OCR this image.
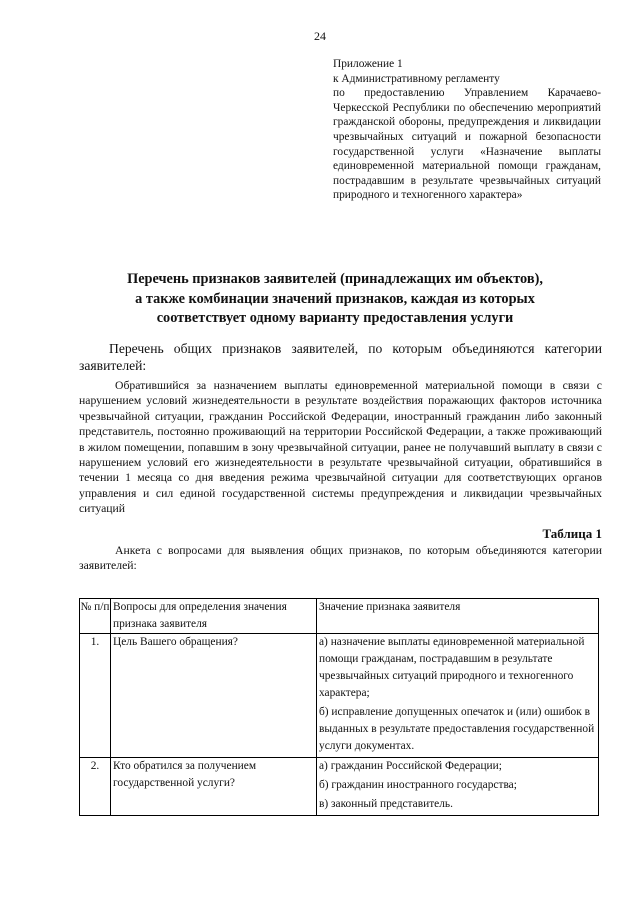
24
Приложение 1
к Административному регламенту
по предоставлению Управлением Карачаево-Черкесской Республики по обеспечению мероприятий гражданской обороны, предупреждения и ликвидации чрезвычайных ситуаций и пожарной безопасности государственной услуги «Назначение выплаты единовременной материальной помощи гражданам, пострадавшим в результате чрезвычайных ситуаций природного и техногенного характера»
Перечень признаков заявителей (принадлежащих им объектов),
а также комбинации значений признаков, каждая из которых
соответствует одному варианту предоставления услуги
Перечень общих признаков заявителей, по которым объединяются категории заявителей:
Обратившийся за назначением выплаты единовременной материальной помощи в связи с нарушением условий жизнедеятельности в результате воздействия поражающих факторов источника чрезвычайной ситуации, гражданин Российской Федерации, иностранный гражданин либо законный представитель, постоянно проживающий на территории Российской Федерации, а также проживающий в жилом помещении, попавшим в зону чрезвычайной ситуации, ранее не получавший выплату в связи с нарушением условий его жизнедеятельности в результате чрезвычайной ситуации, обратившийся в течении 1 месяца со дня введения режима чрезвычайной ситуации для соответствующих органов управления и сил единой государственной системы предупреждения и ликвидации чрезвычайных ситуаций
Таблица 1
Анкета с вопросами для выявления общих признаков, по которым объединяются категории заявителей:
№ п/п	Вопросы для определения значения признака заявителя	Значение признака заявителя
1.	Цель Вашего обращения?	а) назначение выплаты единовременной материальной помощи гражданам, пострадавшим в результате чрезвычайных ситуаций природного и техногенного характера;
б) исправление допущенных опечаток и (или) ошибок в выданных в результате предоставления государственной услуги документах.

2.	Кто обратился за получением государственной услуги?	а) гражданин Российской Федерации;
б) гражданин иностранного государства;
в) законный представитель.
